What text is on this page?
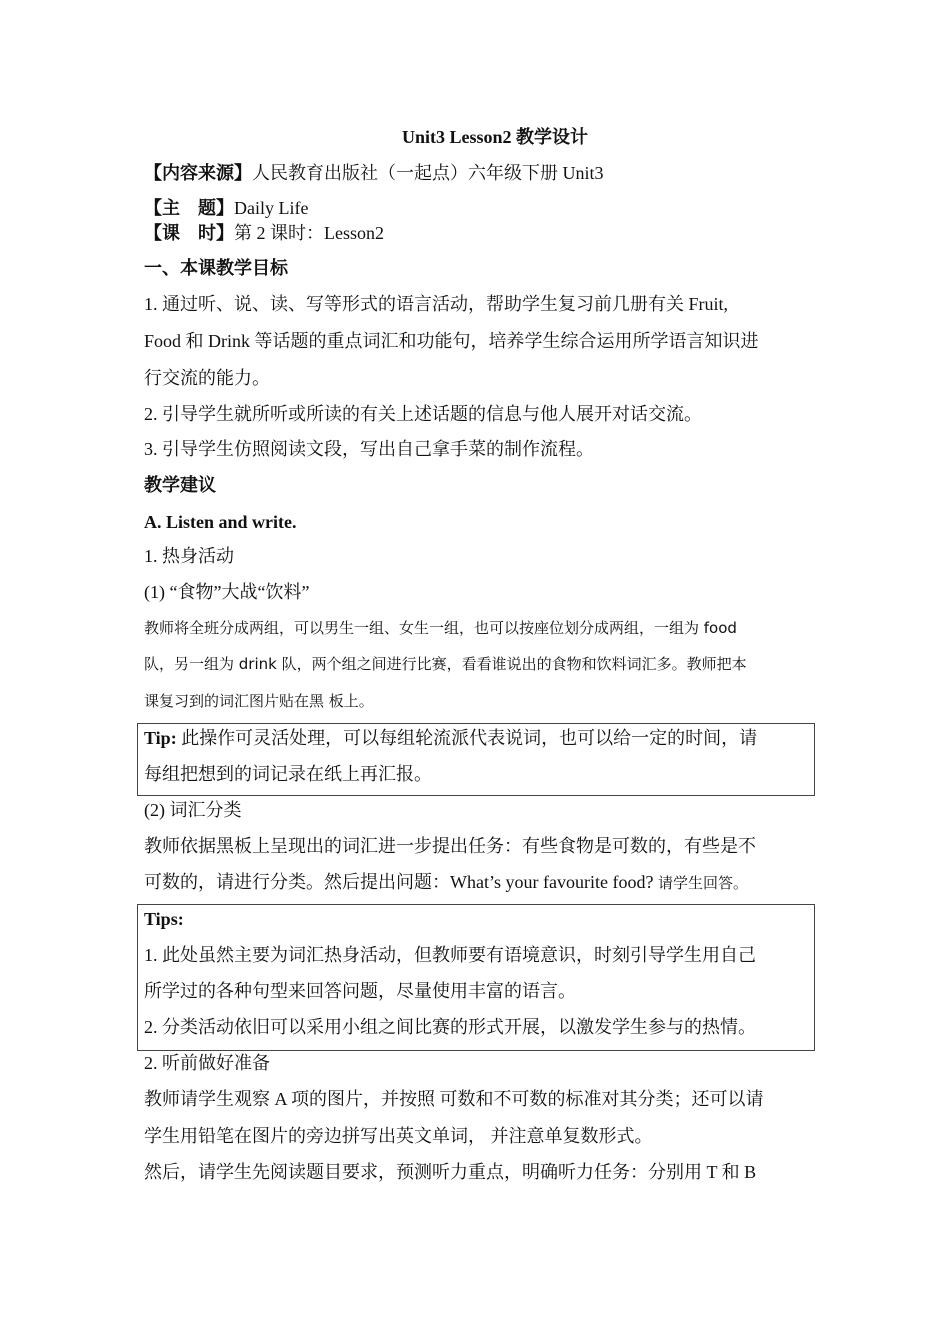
Unit3 Lesson2 教学设计
【内容来源】人民教育出版社（一起点）六年级下册 Unit3
【主　题】Daily Life
【课　时】第 2 课时：Lesson2
一、本课教学目标
1. 通过听、说、读、写等形式的语言活动，帮助学生复习前几册有关 Fruit,
Food 和 Drink 等话题的重点词汇和功能句，培养学生综合运用所学语言知识进
行交流的能力。
2. 引导学生就所听或所读的有关上述话题的信息与他人展开对话交流。
3. 引导学生仿照阅读文段，写出自己拿手菜的制作流程。
教学建议
A. Listen and write.
1. 热身活动
(1) “食物”大战“饮料”
教师将全班分成两组，可以男生一组、女生一组，也可以按座位划分成两组，一组为 food
队，另一组为 drink 队，两个组之间进行比赛，看看谁说出的食物和饮料词汇多。教师把本
课复习到的词汇图片贴在黑 板上。
Tip: 此操作可灵活处理，可以每组轮流派代表说词，也可以给一定的时间，请
每组把想到的词记录在纸上再汇报。
(2) 词汇分类
教师依据黑板上呈现出的词汇进一步提出任务：有些食物是可数的，有些是不
可数的，请进行分类。然后提出问题：What’s your favourite food? 请学生回答。
Tips:
1. 此处虽然主要为词汇热身活动，但教师要有语境意识，时刻引导学生用自己
所学过的各种句型来回答问题，尽量使用丰富的语言。
2. 分类活动依旧可以采用小组之间比赛的形式开展，以激发学生参与的热情。
2. 听前做好准备
教师请学生观察 A 项的图片，并按照 可数和不可数的标准对其分类；还可以请
学生用铅笔在图片的旁边拼写出英文单词， 并注意单复数形式。
然后，请学生先阅读题目要求，预测听力重点，明确听力任务：分别用 T 和 B
